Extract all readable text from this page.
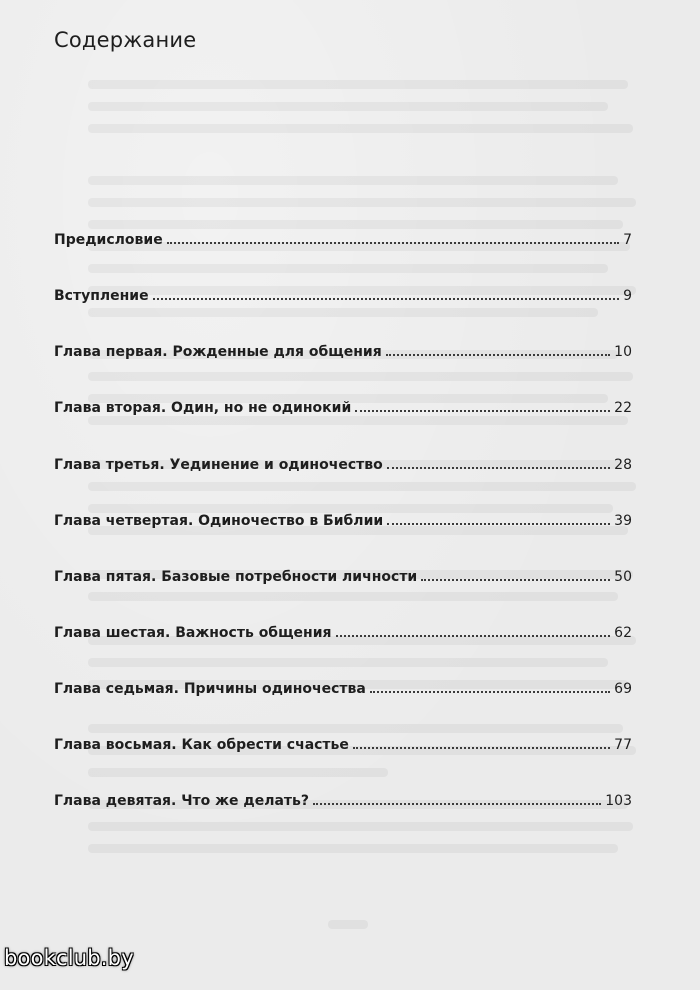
Содержание
Предисловие	7
Вступление	9
Глава первая. Рожденные для общения	10
Глава вторая. Один, но не одинокий	22
Глава третья. Уединение и одиночество	28
Глава четвертая. Одиночество в Библии	39
Глава пятая. Базовые потребности личности	50
Глава шестая. Важность общения	62
Глава седьмая. Причины одиночества	69
Глава восьмая. Как обрести счастье	77
Глава девятая. Что же делать?	103
bookclub.by
